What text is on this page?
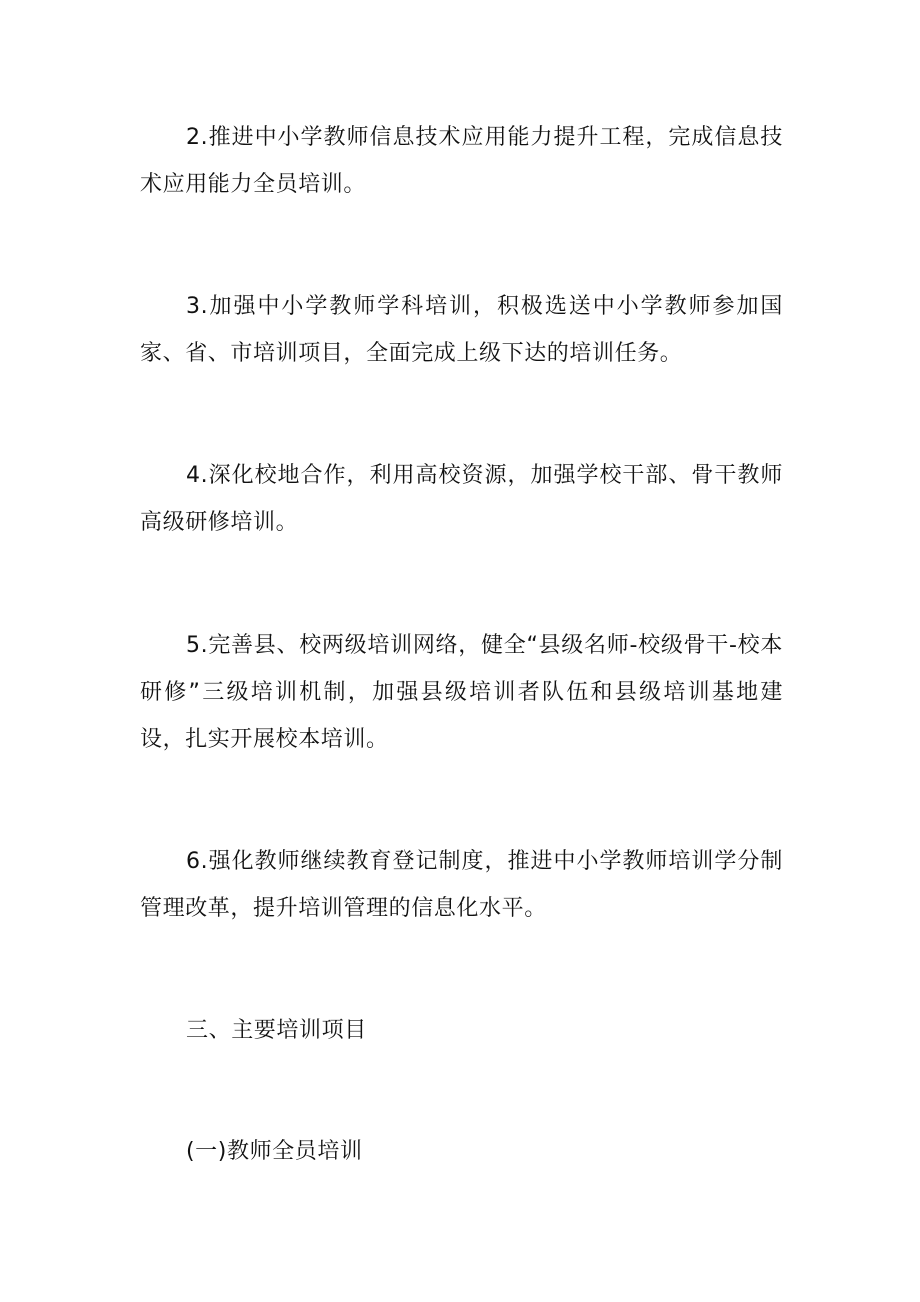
2.推进中小学教师信息技术应用能力提升工程，完成信息技术应用能力全员培训。

3.加强中小学教师学科培训，积极选送中小学教师参加国家、省、市培训项目，全面完成上级下达的培训任务。

4.深化校地合作，利用高校资源，加强学校干部、骨干教师高级研修培训。

5.完善县、校两级培训网络，健全“县级名师-校级骨干-校本研修”三级培训机制，加强县级培训者队伍和县级培训基地建设，扎实开展校本培训。

6.强化教师继续教育登记制度，推进中小学教师培训学分制管理改革，提升培训管理的信息化水平。

三、主要培训项目

(一)教师全员培训
